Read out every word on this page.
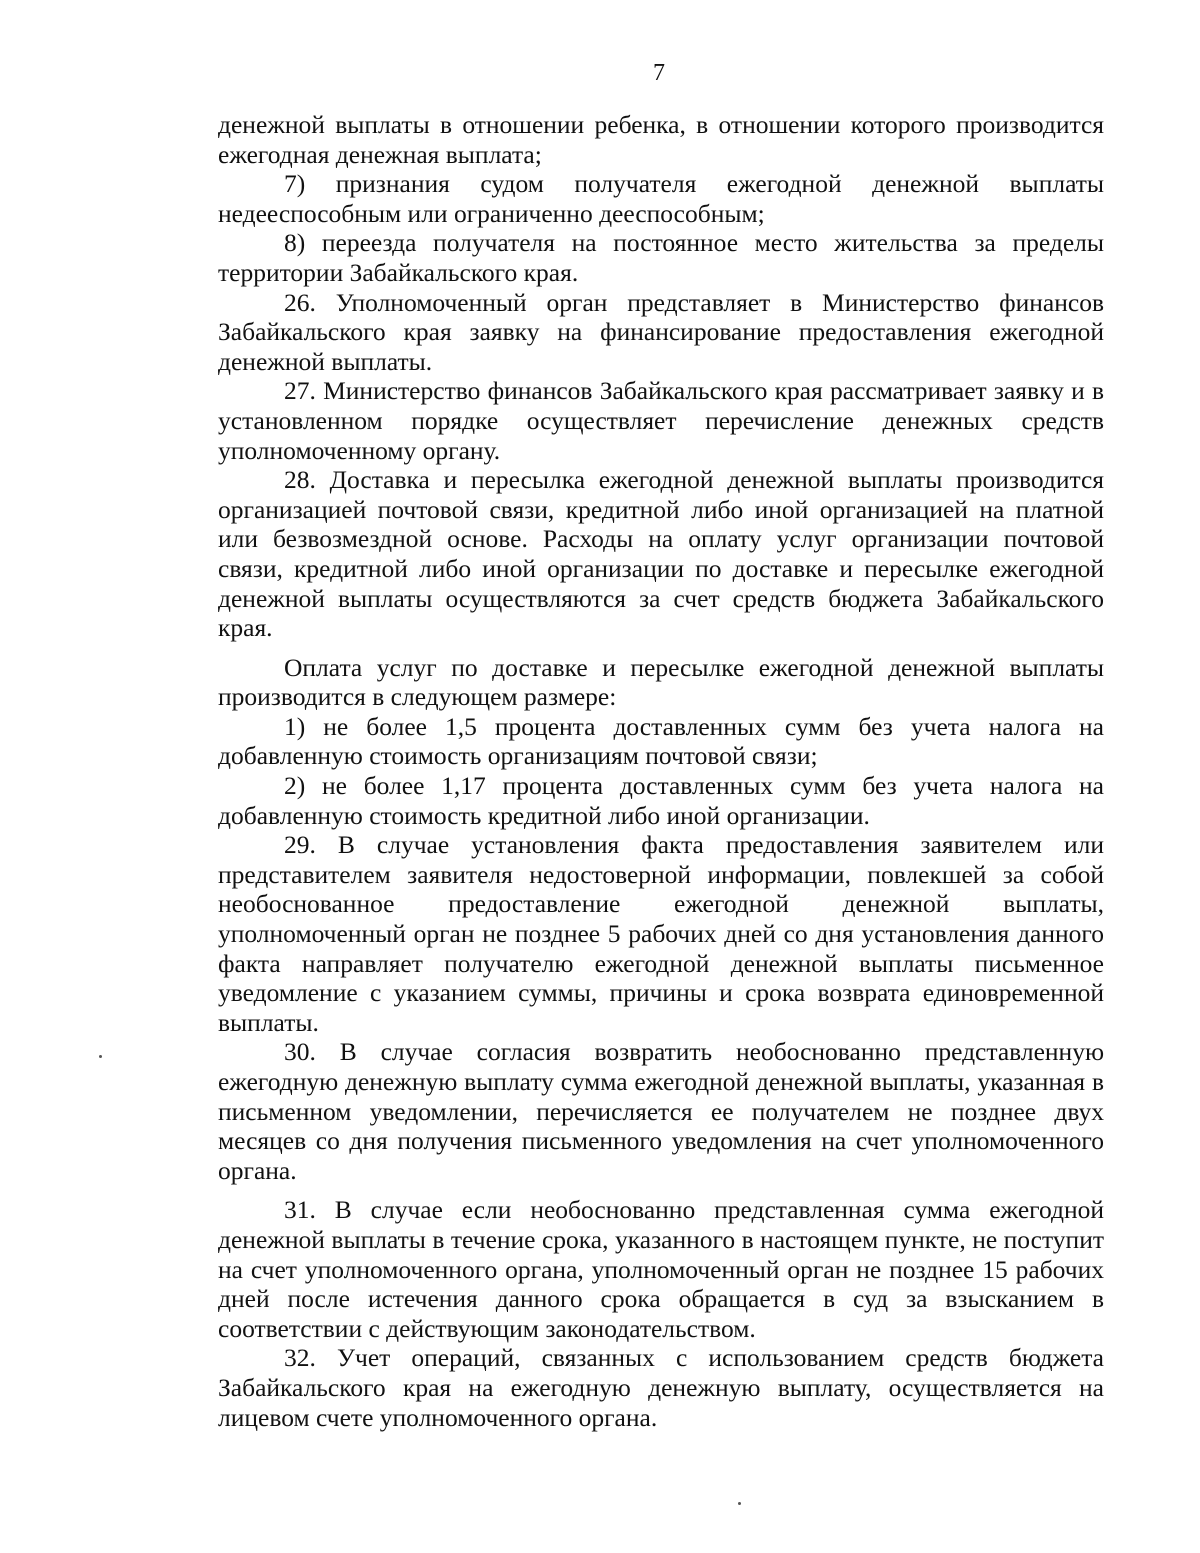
7

денежной выплаты в отношении ребенка, в отношении которого производится ежегодная денежная выплата;

7) признания судом получателя ежегодной денежной выплаты недееспособным или ограниченно дееспособным;

8) переезда получателя на постоянное место жительства за пределы территории Забайкальского края.

26. Уполномоченный орган представляет в Министерство финансов Забайкальского края заявку на финансирование предоставления ежегодной денежной выплаты.

27. Министерство финансов Забайкальского края рассматривает заявку и в установленном порядке осуществляет перечисление денежных средств уполномоченному органу.

28. Доставка и пересылка ежегодной денежной выплаты производится организацией почтовой связи, кредитной либо иной организацией на платной или безвозмездной основе. Расходы на оплату услуг организации почтовой связи, кредитной либо иной организации по доставке и пересылке ежегодной денежной выплаты осуществляются за счет средств бюджета Забайкальского края.

Оплата услуг по доставке и пересылке ежегодной денежной выплаты производится в следующем размере:

1) не более 1,5 процента доставленных сумм без учета налога на добавленную стоимость организациям почтовой связи;

2) не более 1,17 процента доставленных сумм без учета налога на добавленную стоимость кредитной либо иной организации.

29. В случае установления факта предоставления заявителем или представителем заявителя недостоверной информации, повлекшей за собой необоснованное предоставление ежегодной денежной выплаты, уполномоченный орган не позднее 5 рабочих дней со дня установления данного факта направляет получателю ежегодной денежной выплаты письменное уведомление с указанием суммы, причины и срока возврата единовременной выплаты.

30. В случае согласия возвратить необоснованно представленную ежегодную денежную выплату сумма ежегодной денежной выплаты, указанная в письменном уведомлении, перечисляется ее получателем не позднее двух месяцев со дня получения письменного уведомления на счет уполномоченного органа.

31. В случае если необоснованно представленная сумма ежегодной денежной выплаты в течение срока, указанного в настоящем пункте, не поступит на счет уполномоченного органа, уполномоченный орган не позднее 15 рабочих дней после истечения данного срока обращается в суд за взысканием в соответствии с действующим законодательством.

32. Учет операций, связанных с использованием средств бюджета Забайкальского края на ежегодную денежную выплату, осуществляется на лицевом счете уполномоченного органа.
